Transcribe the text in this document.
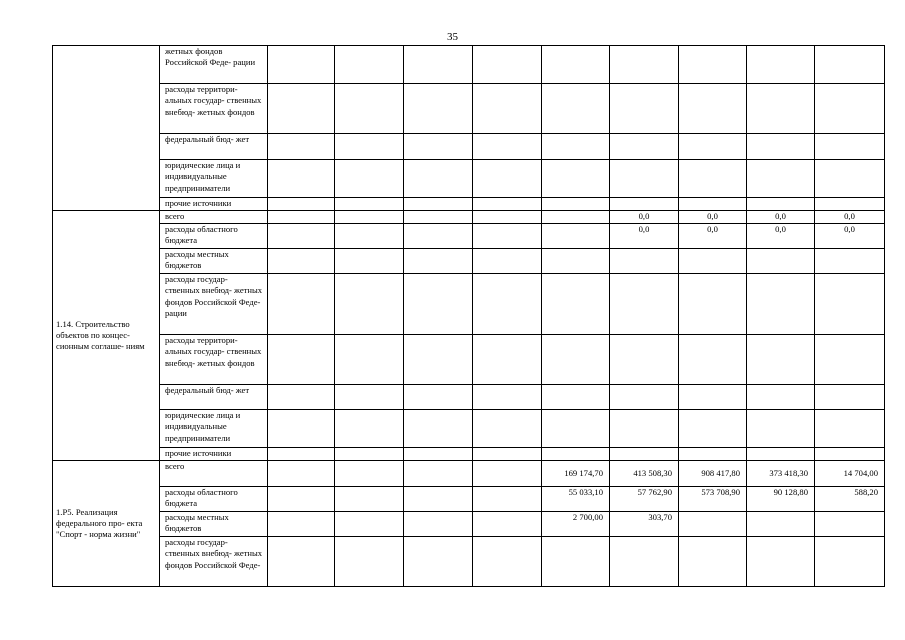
35
	жетных фондов Российской Феде- рации									
	расходы территори- альных государ- ственных внебюд- жетных фондов									
	федеральный бюд- жет									
	юридические лица и индивидуальные предприниматели									
	прочие источники									
1.14. Строительство объектов по концес- сионным соглаше- ниям	всего						0,0	0,0	0,0	0,0
	расходы областного бюджета						0,0	0,0	0,0	0,0
	расходы местных бюджетов									
	расходы государ- ственных внебюд- жетных фондов Российской Феде- рации									
	расходы территори- альных государ- ственных внебюд- жетных фондов									
	федеральный бюд- жет									
	юридические лица и индивидуальные предприниматели									
	прочие источники									
1.Р5. Реализация федерального про- екта "Спорт - норма жизни"	всего					169 174,70	413 508,30	908 417,80	373 418,30	14 704,00
	расходы областного бюджета					55 033,10	57 762,90	573 708,90	90 128,80	588,20
	расходы местных бюджетов					2 700,00	303,70			
	расходы государ- ственных внебюд- жетных фондов Российской Феде-									
